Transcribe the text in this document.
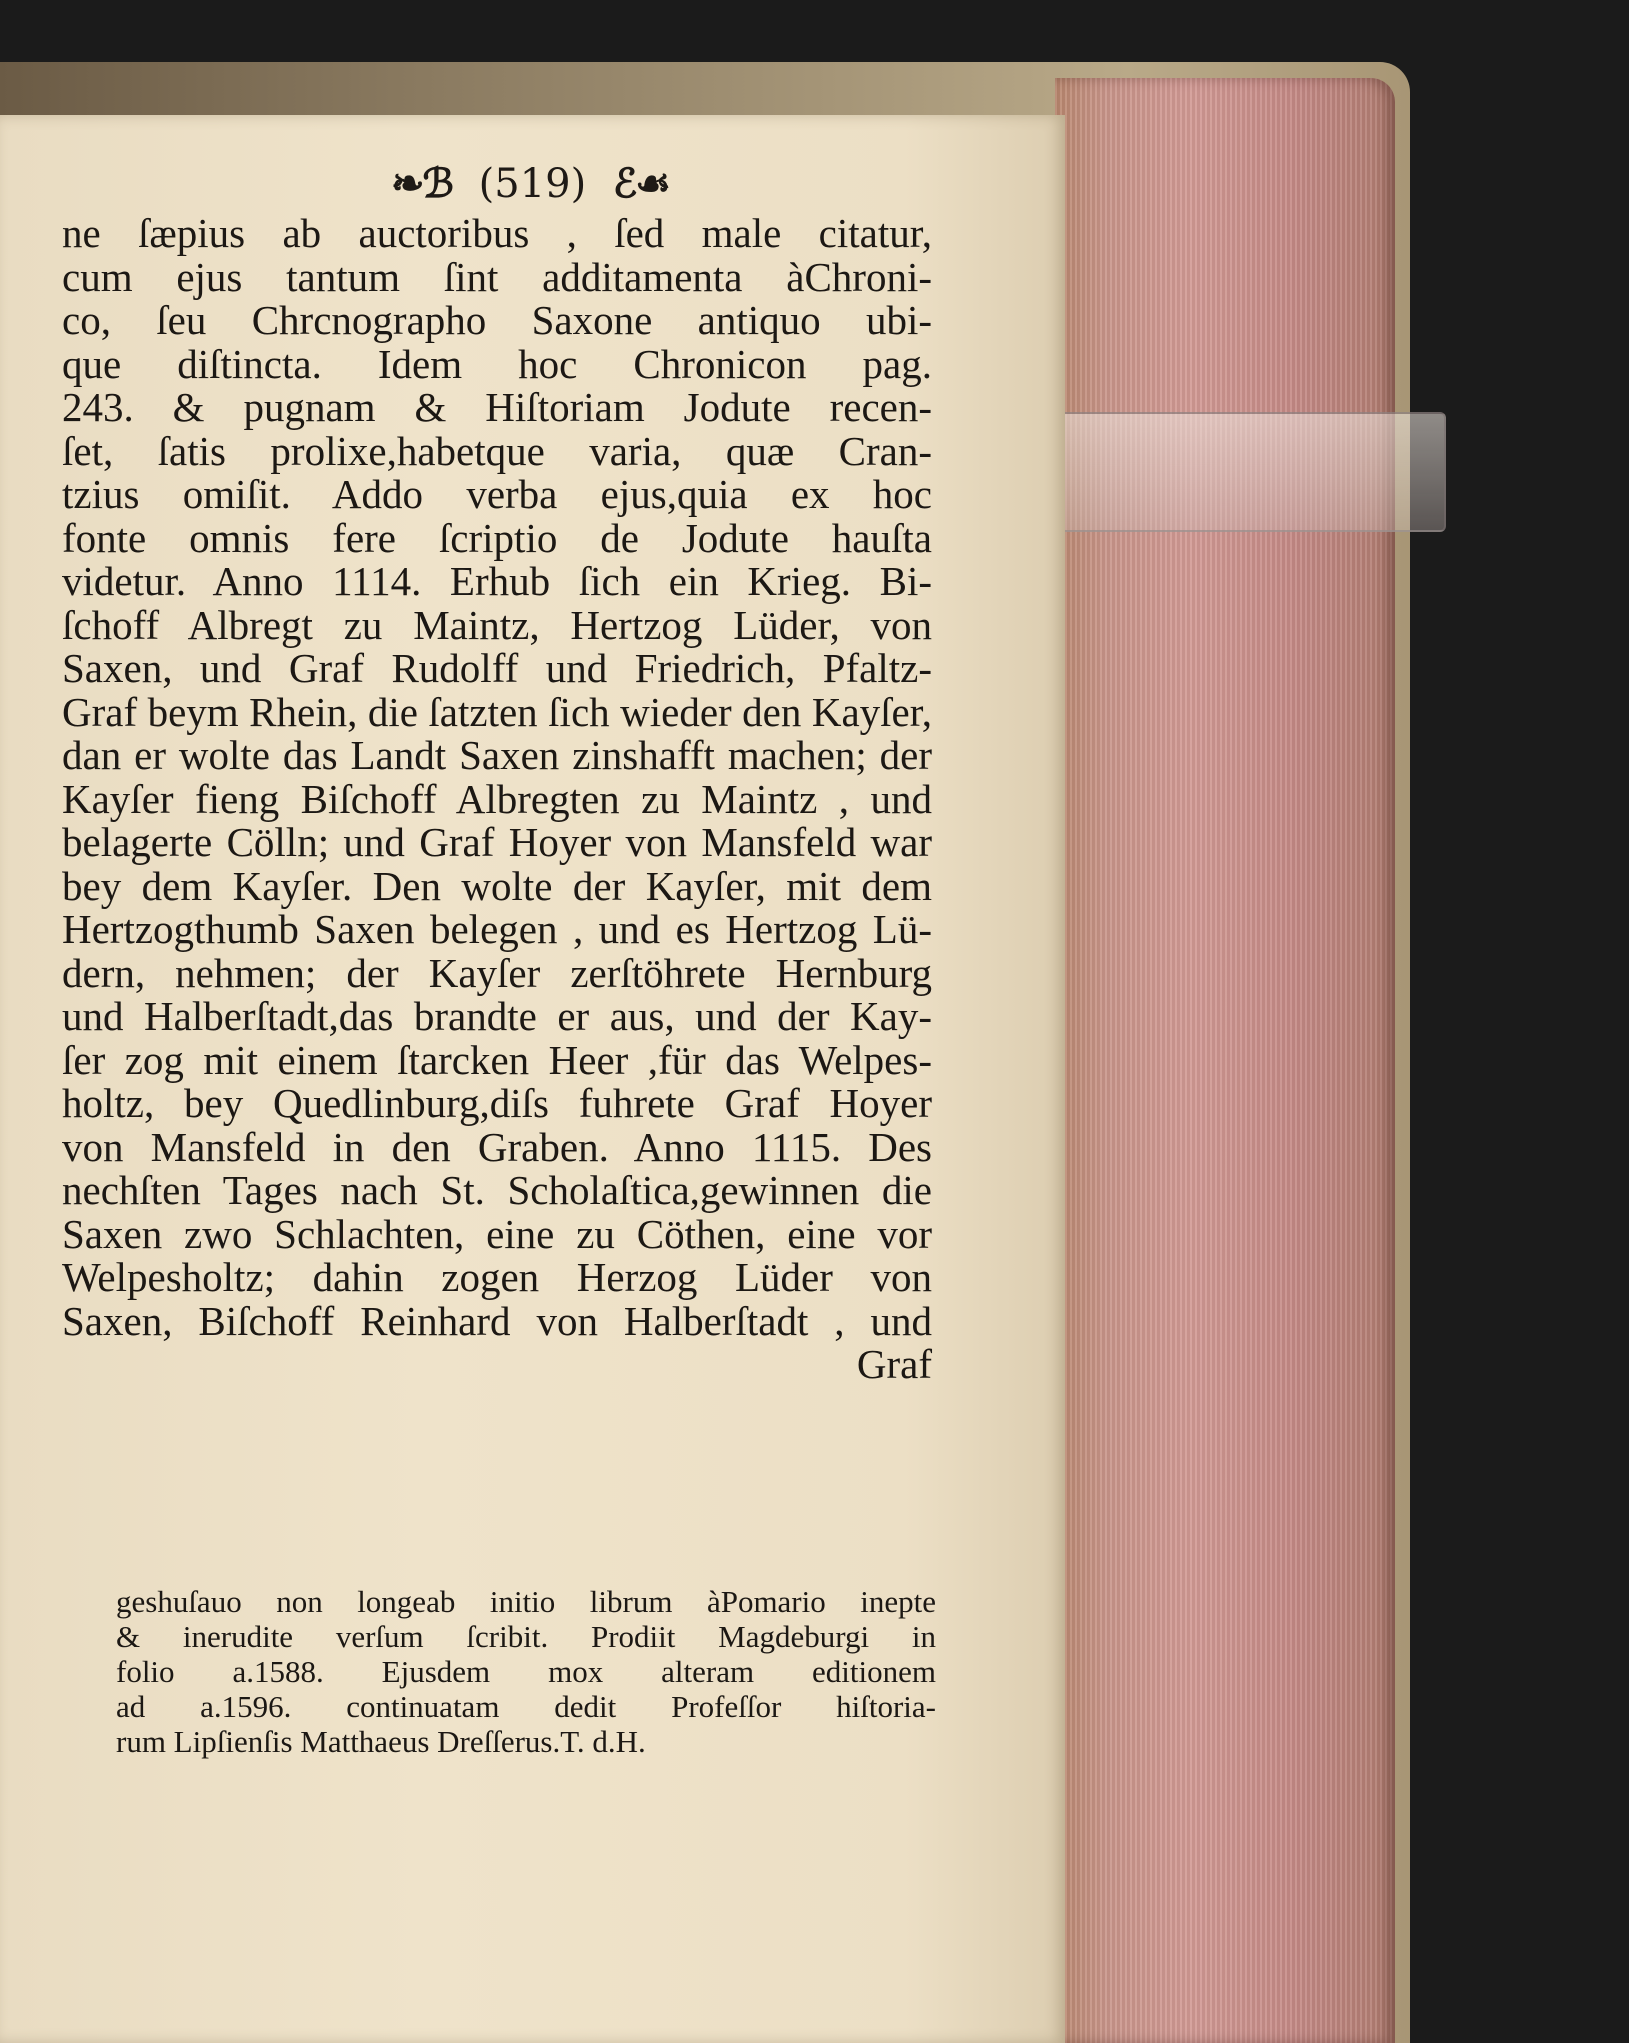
❧ℬ (519) ℰ☙
ne ſæpius ab auctoribus , ſed male citatur,
cum ejus tantum ſint additamenta àChroni-
co, ſeu Chrcnographo Saxone antiquo ubi-
que diſtincta. Idem hoc Chronicon pag.
243. & pugnam & Hiſtoriam Jodute recen-
ſet, ſatis prolixe,habetque varia, quæ Cran-
tzius omiſit. Addo verba ejus,quia ex hoc
fonte omnis fere ſcriptio de Jodute hauſta
videtur. Anno 1114. Erhub ſich ein Krieg. Bi-
ſchoff Albregt zu Maintz, Hertzog Lüder, von
Saxen, und Graf Rudolff und Friedrich, Pfaltz-
Graf beym Rhein, die ſatzten ſich wieder den Kayſer,
dan er wolte das Landt Saxen zinshafft machen; der
Kayſer fieng Biſchoff Albregten zu Maintz , und
belagerte Cölln; und Graf Hoyer von Mansfeld war
bey dem Kayſer. Den wolte der Kayſer, mit dem
Hertzogthumb Saxen belegen , und es Hertzog Lü-
dern, nehmen; der Kayſer zerſtöhrete Hernburg
und Halberſtadt,das brandte er aus, und der Kay-
ſer zog mit einem ſtarcken Heer ,für das Welpes-
holtz, bey Quedlinburg,diſs fuhrete Graf Hoyer
von Mansfeld in den Graben. Anno 1115. Des
nechſten Tages nach St. Scholaſtica,gewinnen die
Saxen zwo Schlachten, eine zu Cöthen, eine vor
Welpesholtz; dahin zogen Herzog Lüder von
Saxen, Biſchoff Reinhard von Halberſtadt , und
Graf
geshuſauo non longeab initio librum àPomario inepte
& inerudite verſum ſcribit. Prodiit Magdeburgi in
folio a.1588. Ejusdem mox alteram editionem
ad a.1596. continuatam dedit Profeſſor hiſtoria-
rum Lipſienſis Matthaeus Dreſſerus.T. d.H.
